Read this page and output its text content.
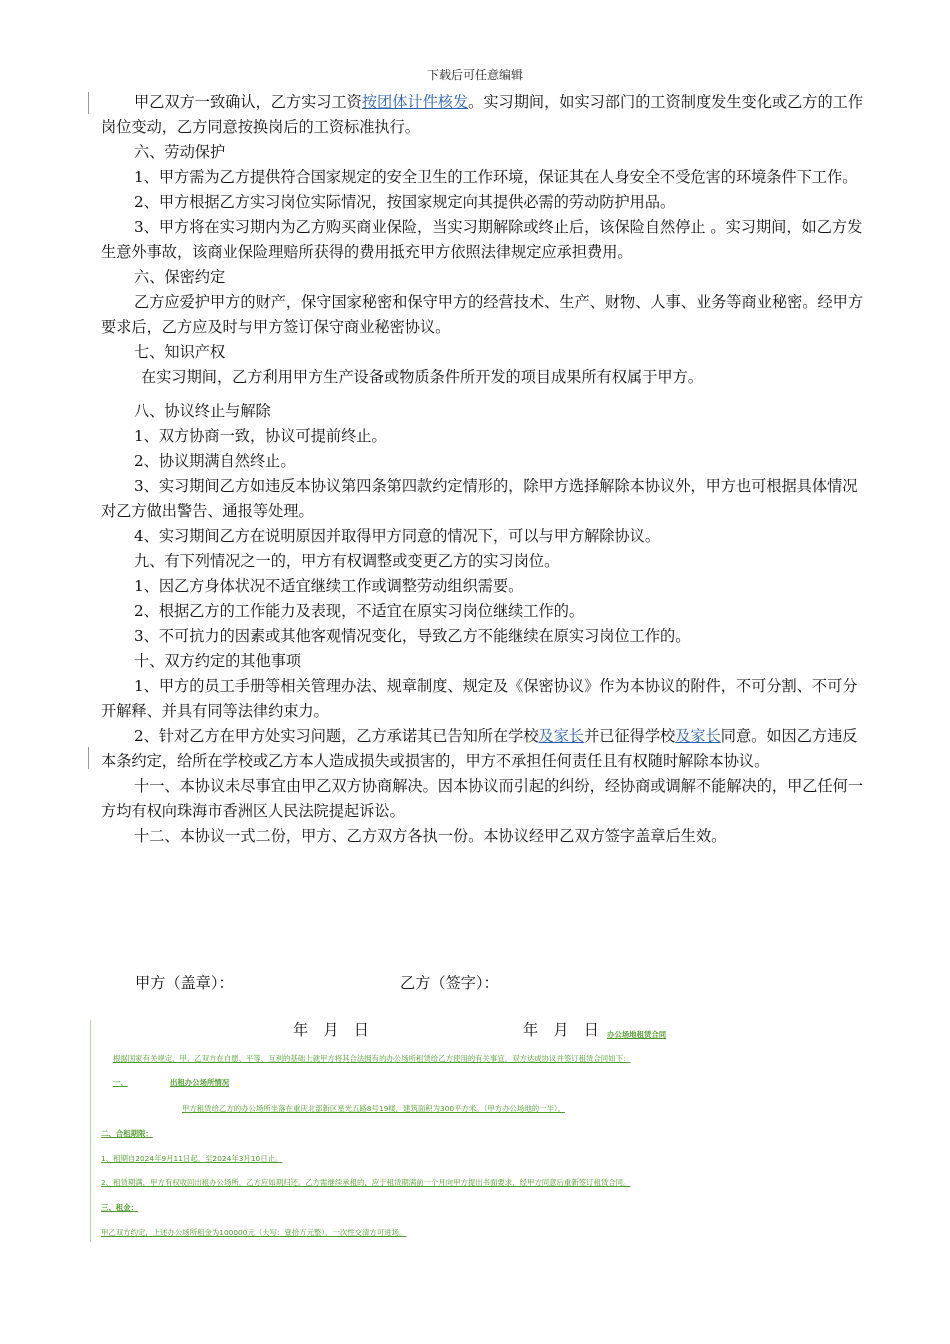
下载后可任意编辑

甲乙双方一致确认，乙方实习工资按团体计件核发。实习期间，如实习部门的工资制度发生变化或乙方的工作岗位变动，乙方同意按换岗后的工资标准执行。

六、劳动保护

1、甲方需为乙方提供符合国家规定的安全卫生的工作环境，保证其在人身安全不受危害的环境条件下工作。

2、甲方根据乙方实习岗位实际情况，按国家规定向其提供必需的劳动防护用品。

3、甲方将在实习期内为乙方购买商业保险，当实习期解除或终止后，该保险自然停止 。实习期间，如乙方发生意外事故，该商业保险理赔所获得的费用抵充甲方依照法律规定应承担费用。

六、保密约定

乙方应爱护甲方的财产，保守国家秘密和保守甲方的经营技术、生产、财物、人事、业务等商业秘密。经甲方要求后，乙方应及时与甲方签订保守商业秘密协议。

七、知识产权

在实习期间，乙方利用甲方生产设备或物质条件所开发的项目成果所有权属于甲方。

八、协议终止与解除

1、双方协商一致，协议可提前终止。

2、协议期满自然终止。

3、实习期间乙方如违反本协议第四条第四款约定情形的，除甲方选择解除本协议外，甲方也可根据具体情况对乙方做出警告、通报等处理。

4、实习期间乙方在说明原因并取得甲方同意的情况下，可以与甲方解除协议。

九、有下列情况之一的，甲方有权调整或变更乙方的实习岗位。

1、因乙方身体状况不适宜继续工作或调整劳动组织需要。

2、根据乙方的工作能力及表现，不适宜在原实习岗位继续工作的。

3、不可抗力的因素或其他客观情况变化，导致乙方不能继续在原实习岗位工作的。

十、双方约定的其他事项

1、甲方的员工手册等相关管理办法、规章制度、规定及《保密协议》作为本协议的附件，不可分割、不可分开解释、并具有同等法律约束力。

2、针对乙方在甲方处实习问题，乙方承诺其已告知所在学校及家长并已征得学校及家长同意。如因乙方违反本条约定，给所在学校或乙方本人造成损失或损害的，甲方不承担任何责任且有权随时解除本协议。

十一、本协议未尽事宜由甲乙双方协商解决。因本协议而引起的纠纷，经协商或调解不能解决的，甲乙任何一方均有权向珠海市香洲区人民法院提起诉讼。

十二、本协议一式二份，甲方、乙方双方各执一份。本协议经甲乙双方签字盖章后生效。

甲方（盖章）：	乙方（签字）：
年　月　日	年　月　日 办公场地租赁合同
根据国家有关规定，甲、乙双方在自愿、平等、互利的基础上就甲方将其合法拥有的办公场所租赁给乙方使用的有关事宜，双方达成协议并签订租赁合同如下：
一、	出租办公场所情况
甲方租赁给乙方的办公场所坐落在重庆北部新区星光五路8号19楼，建筑面积为300平方米。（甲方办公场地的一半）。
二、合租期限：
1、租期自2024年9月11日起，至2024年3月10日止。
2、租赁期满，甲方有权收回出租办公场所，乙方应如期归还。乙方需继续承租的，应于租赁期满前一个月向甲方提出书面要求，经甲方同意后重新签订租赁合同。
三、租金：
甲乙双方约定，上述办公场所租金为100000元（大写：壹拾万元整），一次性交清方可进场。
